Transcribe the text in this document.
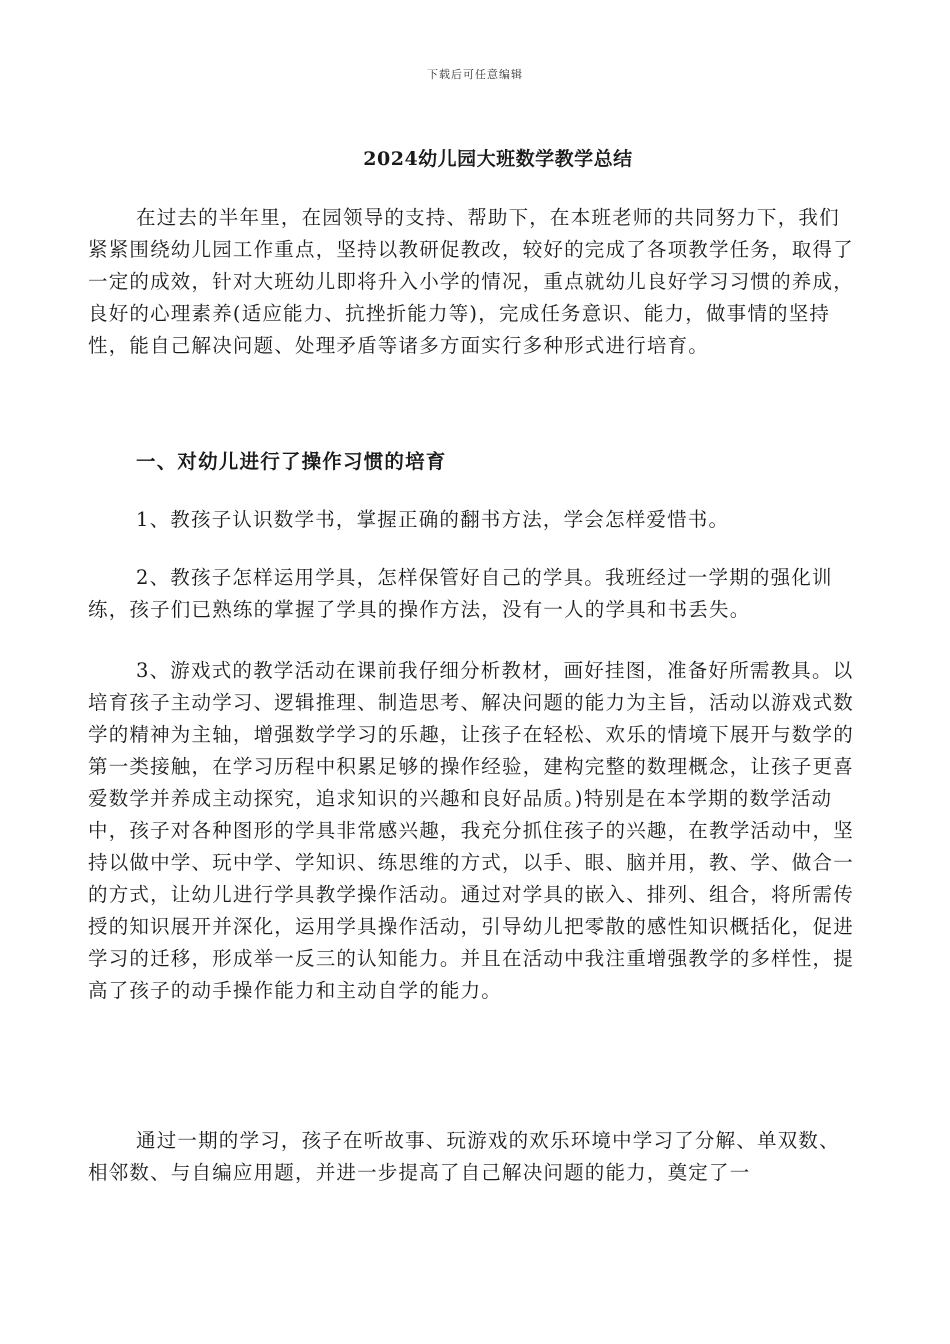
下载后可任意编辑
2024幼儿园大班数学教学总结

在过去的半年里，在园领导的支持、帮助下，在本班老师的共同努力下，我们紧紧围绕幼儿园工作重点，坚持以教研促教改，较好的完成了各项教学任务，取得了一定的成效，针对大班幼儿即将升入小学的情况，重点就幼儿良好学习习惯的养成，良好的心理素养(适应能力、抗挫折能力等)，完成任务意识、能力，做事情的坚持性，能自己解决问题、处理矛盾等诸多方面实行多种形式进行培育。

一、对幼儿进行了操作习惯的培育

1、教孩子认识数学书，掌握正确的翻书方法，学会怎样爱惜书。

2、教孩子怎样运用学具，怎样保管好自己的学具。我班经过一学期的强化训练，孩子们已熟练的掌握了学具的操作方法，没有一人的学具和书丢失。

3、游戏式的教学活动在课前我仔细分析教材，画好挂图，准备好所需教具。以培育孩子主动学习、逻辑推理、制造思考、解决问题的能力为主旨，活动以游戏式数学的精神为主轴，增强数学学习的乐趣，让孩子在轻松、欢乐的情境下展开与数学的第一类接触，在学习历程中积累足够的操作经验，建构完整的数理概念，让孩子更喜爱数学并养成主动探究，追求知识的兴趣和良好品质。)特别是在本学期的数学活动中，孩子对各种图形的学具非常感兴趣，我充分抓住孩子的兴趣，在教学活动中，坚持以做中学、玩中学、学知识、练思维的方式，以手、眼、脑并用，教、学、做合一的方式，让幼儿进行学具教学操作活动。通过对学具的嵌入、排列、组合，将所需传授的知识展开并深化，运用学具操作活动，引导幼儿把零散的感性知识概括化，促进学习的迁移，形成举一反三的认知能力。并且在活动中我注重增强教学的多样性，提高了孩子的动手操作能力和主动自学的能力。

通过一期的学习，孩子在听故事、玩游戏的欢乐环境中学习了分解、单双数、相邻数、与自编应用题，并进一步提高了自己解决问题的能力，奠定了一
